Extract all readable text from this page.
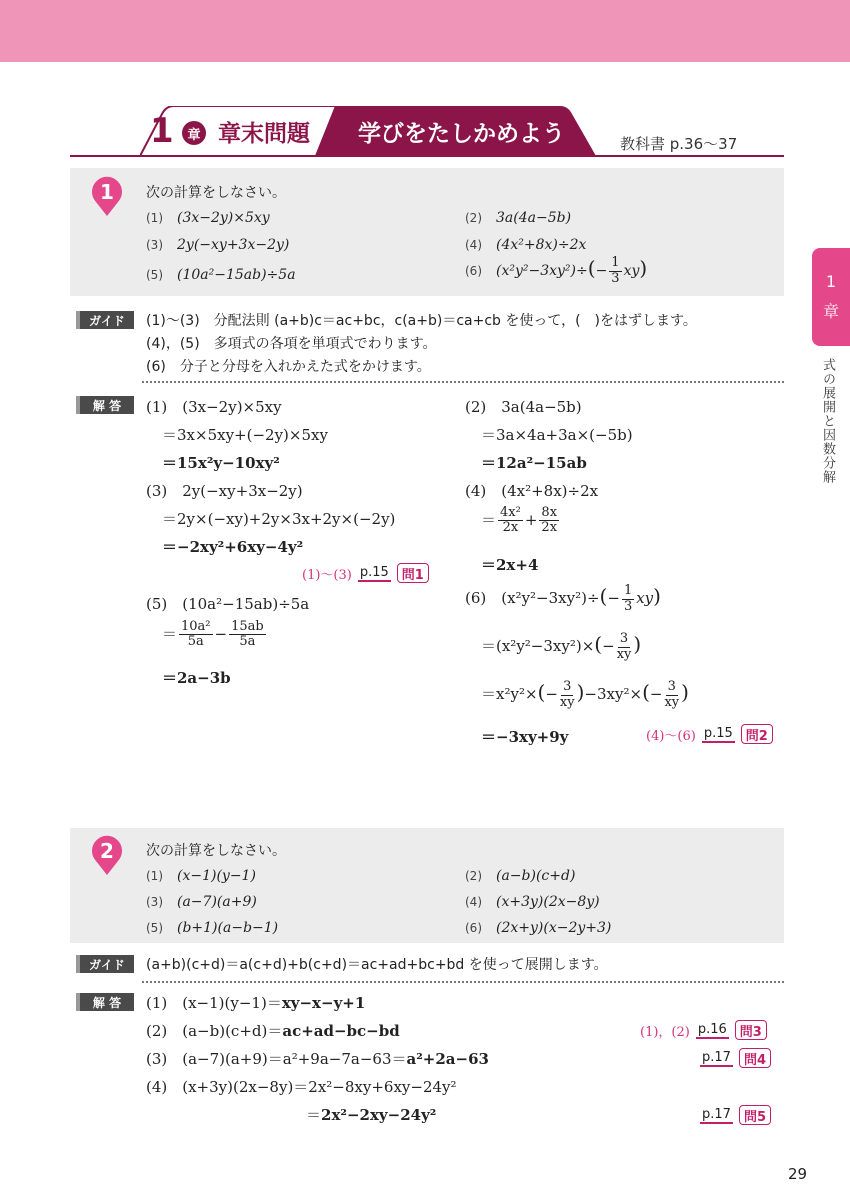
1	章 章末問題 学びをたしかめよう	教科書 p.36〜37
1
章
式の展開と因数分解
1	次の計算をしなさい。
(1)　 (3x−2y)×5xy	(2)　 3a(4a−5b)
(3)　 2y(−xy+3x−2y)	(4)　 (4x²+8x)÷2x
(5)　 (10a²−15ab)÷5a	(6)　 $(x^2y^2-3xy^2)\div(- \frac{1}{3} xy)$
ガイド	(1)〜(3)　分配法則 (a+b)c＝ac+bc，c(a+b)＝ca+cb を使って，(　)をはずします。
(4)，(5)　多項式の各項を単項式でわります。
(6)　分子と分母を入れかえた式をかけます。
解 答	(1)　(3x−2y)×5xy
＝3x×5xy+(−2y)×5xy
＝15x²y−10xy²
(2)　3a(4a−5b)
＝3a×4a+3a×(−5b)
＝12a²−15ab
(3)　2y(−xy+3x−2y)
＝2y×(−xy)+2y×3x+2y×(−2y)
＝−2xy²+6xy−4y²
(1)〜(3) p.15	問1
(4)　(4x²+8x)÷2x
＝ $\frac{\text{4x²}}{2x} + \frac{8x}{2x}$
＝2x+4
(5)　(10a²−15ab)÷5a
＝ $\frac{\text{10a²}}{5a} - \frac{15ab}{5a}$
＝2a−3b
(6)　$(x^2y^2-3xy^2)\div(- \frac{1}{3} xy)$
$=(x^2y^2-3xy^2)\times(- \frac{3}{xy}$ )
$=x^2y^2\times(- \frac{3}{xy} )-3xy^2\times(- \frac{3}{xy}$ )
＝−3xy+9y	(4)〜(6) p.15	問2
2	次の計算をしなさい。
(1)　 (x−1)(y−1)	(2)　 (a−b)(c+d)
(3)　 (a−7)(a+9)	(4)　 (x+3y)(2x−8y)
(5)　 (b+1)(a−b−1)	(6)　 (2x+y)(x−2y+3)
ガイド	(a+b)(c+d)＝a(c+d)+b(c+d)＝ac+ad+bc+bd を使って展開します。
解 答	(1)　(x−1)(y−1)＝xy−x−y+1
(2)　(a−b)(c+d)＝ac+ad−bc−bd
(3)　(a−7)(a+9)＝a²+9a−7a−63＝a²+2a−63
(4)　(x+3y)(2x−8y)＝2x²−8xy+6xy−24y²
＝2x²−2xy−24y²
(1)，(2) p.16	問3
p.17	問4
p.17	問5
29
